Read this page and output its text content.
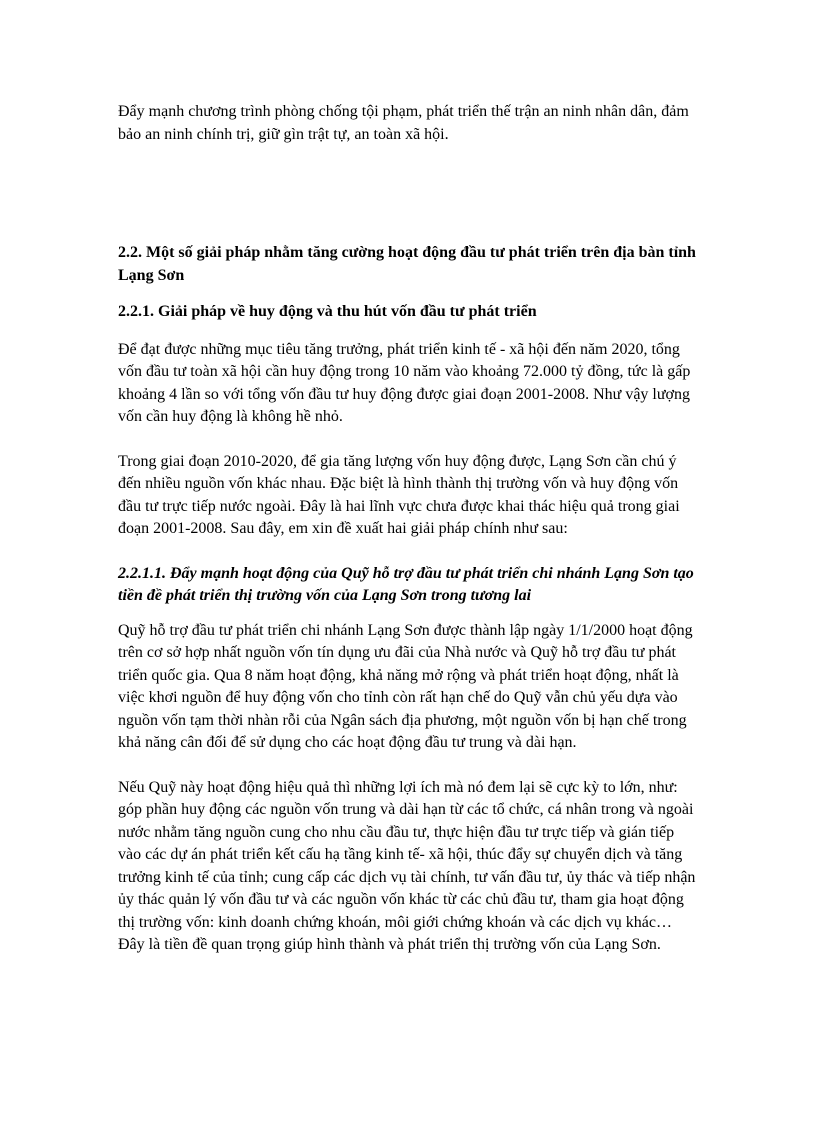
Đẩy mạnh chương trình phòng chống tội phạm, phát triển thế trận an ninh nhân dân, đảm bảo an ninh chính trị, giữ gìn trật tự, an toàn xã hội.

2.2. Một số giải pháp nhằm tăng cường hoạt động đầu tư phát triển trên địa bàn tỉnh Lạng Sơn

2.2.1. Giải pháp về huy động và thu hút vốn đầu tư phát triển

Để đạt được những mục tiêu tăng trưởng, phát triển kinh tế - xã hội đến năm 2020, tổng vốn đầu tư toàn xã hội cần huy động trong 10 năm vào khoảng 72.000 tỷ đồng, tức là gấp khoảng 4 lần so với tổng vốn đầu tư huy động được giai đoạn 2001-2008. Như vậy lượng vốn cần huy động là không hề nhỏ.

Trong giai đoạn 2010-2020, để gia tăng lượng vốn huy động được, Lạng Sơn cần chú ý đến nhiều nguồn vốn khác nhau. Đặc biệt là hình thành thị trường vốn và huy động vốn đầu tư trực tiếp nước ngoài. Đây là hai lĩnh vực chưa được khai thác hiệu quả trong giai đoạn 2001-2008. Sau đây, em xin đề xuất hai giải pháp chính như sau:

2.2.1.1. Đẩy mạnh hoạt động của Quỹ hỗ trợ đầu tư phát triển chi nhánh Lạng Sơn tạo tiền đề phát triển thị trường vốn của Lạng Sơn trong tương lai

Quỹ hỗ trợ đầu tư phát triển chi nhánh Lạng Sơn được thành lập ngày 1/1/2000 hoạt động trên cơ sở hợp nhất nguồn vốn tín dụng ưu đãi của Nhà nước và Quỹ hỗ trợ đầu tư phát triển quốc gia. Qua 8 năm hoạt động, khả năng mở rộng và phát triển hoạt động, nhất là việc khơi nguồn để huy động vốn cho tỉnh còn rất hạn chế do Quỹ vẫn chủ yếu dựa vào nguồn vốn tạm thời nhàn rỗi của Ngân sách địa phương, một nguồn vốn bị hạn chế trong khả năng cân đối để sử dụng cho các hoạt động đầu tư trung và dài hạn.

Nếu Quỹ này hoạt động hiệu quả thì những lợi ích mà nó đem lại sẽ cực kỳ to lớn, như: góp phần huy động các nguồn vốn trung và dài hạn từ các tổ chức, cá nhân trong và ngoài nước nhằm tăng nguồn cung cho nhu cầu đầu tư, thực hiện đầu tư trực tiếp và gián tiếp vào các dự án phát triển kết cấu hạ tầng kinh tế- xã hội, thúc đẩy sự chuyển dịch và tăng trưởng kinh tế của tỉnh; cung cấp các dịch vụ tài chính, tư vấn đầu tư, ủy thác và tiếp nhận ủy thác quản lý vốn đầu tư và các nguồn vốn khác từ các chủ đầu tư, tham gia hoạt động thị trường vốn: kinh doanh chứng khoán, môi giới chứng khoán và các dịch vụ khác…Đây là tiền đề quan trọng giúp hình thành và phát triển thị trường vốn của Lạng Sơn.
